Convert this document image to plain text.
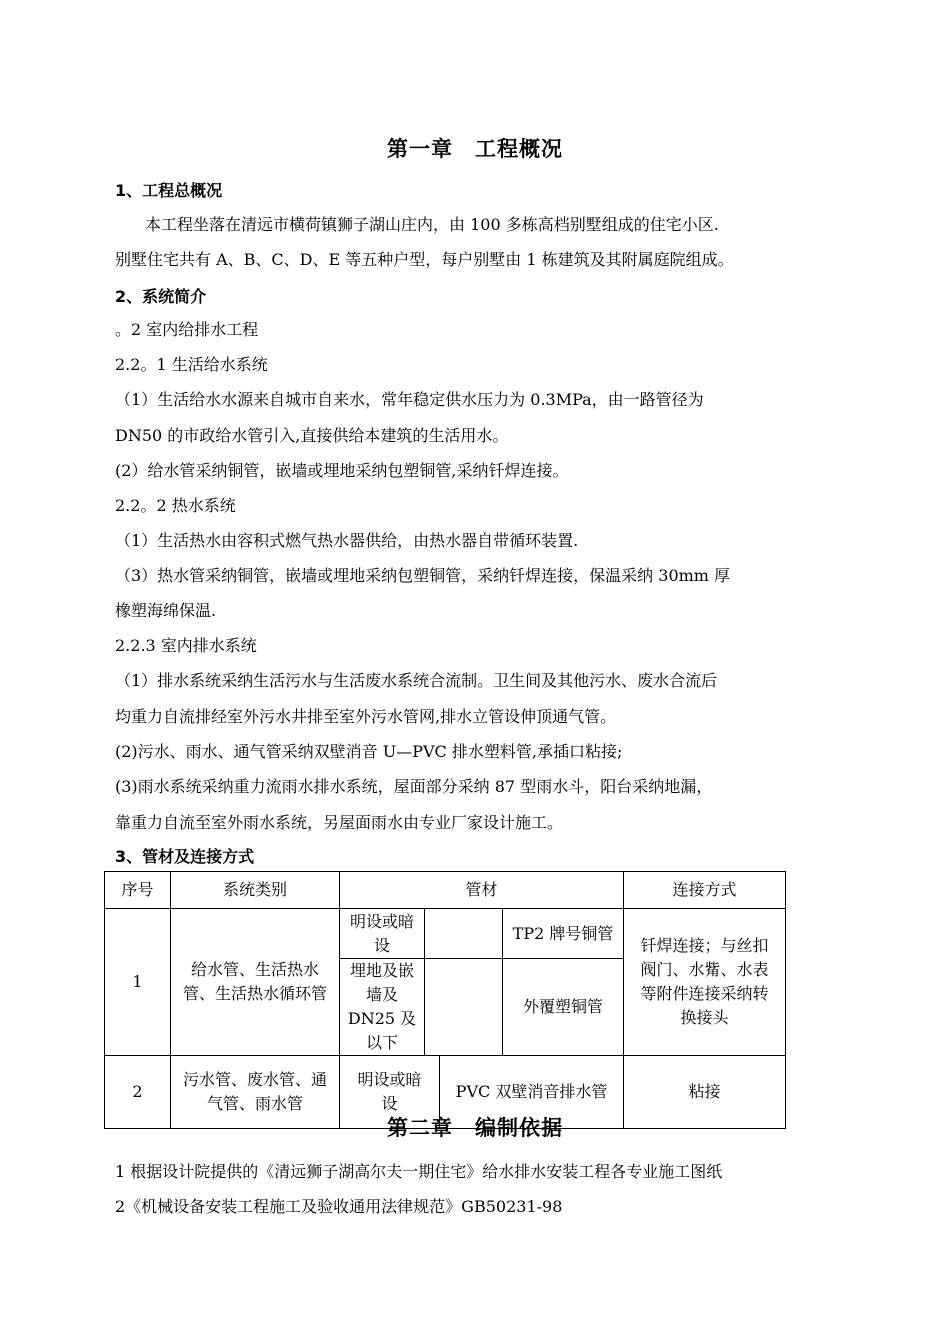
第一章　工程概况
1、工程总概况
本工程坐落在清远市横荷镇狮子湖山庄内，由 100 多栋高档别墅组成的住宅小区.
别墅住宅共有 A、B、C、D、E 等五种户型，每户别墅由 1 栋建筑及其附属庭院组成。
2、系统简介
。2 室内给排水工程
2.2。1 生活给水系统
（1）生活给水水源来自城市自来水，常年稳定供水压力为 0.3MPa，由一路管径为
DN50 的市政给水管引入,直接供给本建筑的生活用水。
(2）给水管采纳铜管，嵌墙或埋地采纳包塑铜管,采纳钎焊连接。
2.2。2 热水系统
（1）生活热水由容积式燃气热水器供给，由热水器自带循环装置.
（3）热水管采纳铜管，嵌墙或埋地采纳包塑铜管，采纳钎焊连接，保温采纳 30mm 厚
橡塑海绵保温.
2.2.3 室内排水系统
（1）排水系统采纳生活污水与生活废水系统合流制。卫生间及其他污水、废水合流后
均重力自流排经室外污水井排至室外污水管网,排水立管设伸顶通气管。
(2)污水、雨水、通气管采纳双壁消音 U—PVC 排水塑料管,承插口粘接;
(3)雨水系统采纳重力流雨水排水系统，屋面部分采纳 87 型雨水斗，阳台采纳地漏，
靠重力自流至室外雨水系统，另屋面雨水由专业厂家设计施工。
3、管材及连接方式
序号	系统类别	管材				连接方式
1	给水管、生活热水管、生活热水循环管	明设或暗设			TP2 牌号铜管	钎焊连接；与丝扣阀门、水觜、水表等附件连接采纳转换接头
		埋地及嵌墙及 DN25 及以下			外覆塑铜管	
2	污水管、废水管、通气管、雨水管	明设或暗设		PVC 双壁消音排水管		粘接
第二章　编制依据
1 根据设计院提供的《清远狮子湖高尔夫一期住宅》给水排水安装工程各专业施工图纸
2《机械设备安装工程施工及验收通用法律规范》GB50231-98
